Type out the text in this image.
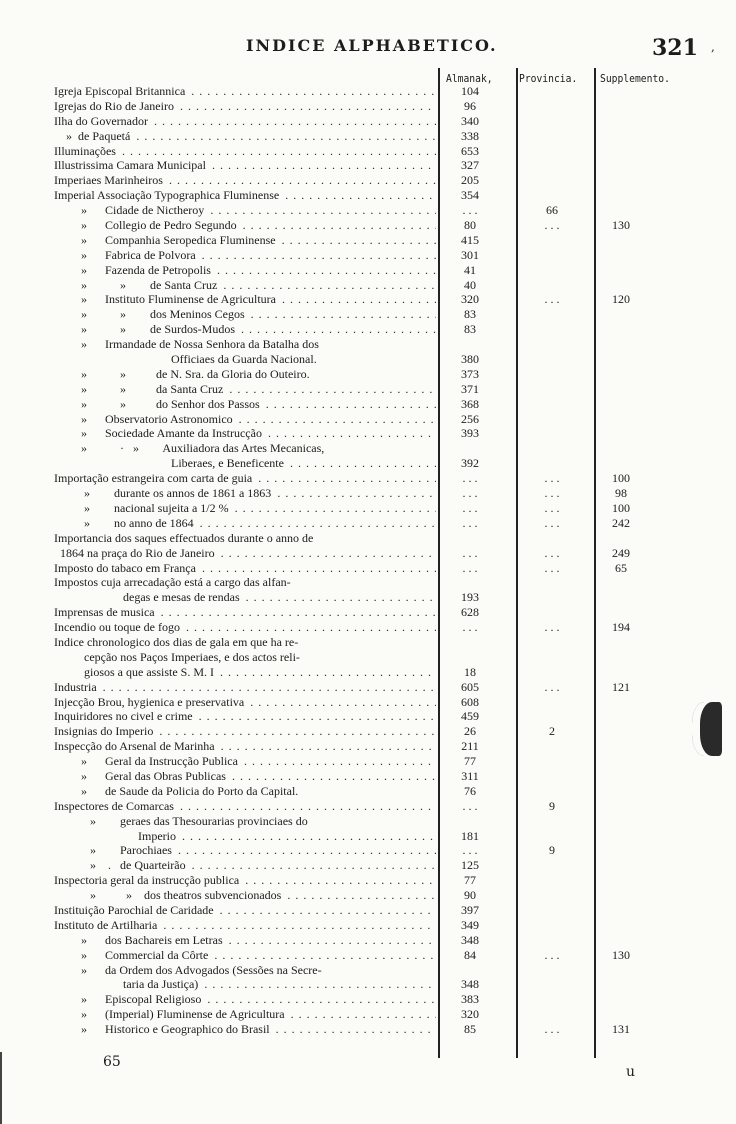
INDICE ALPHABETICO.	321 ,
Almanak, Provincia. Supplemento.
Igreja Episcopal Britannica . . .	104
Igrejas do Rio de Janeiro . . .	96
Ilha do Governador . . .	340
»  de Paquetá . . .	338
Illuminações . . .	653
Illustrissima Camara Municipal . . .	327
Imperiaes Marinheiros . . .	205
Imperial Associação Typographica Fluminense . . .	354
»      Cidade de Nictheroy . . .	. . .	66
»      Collegio de Pedro Segundo . . .	80	. . .	130
»      Companhia Seropedica Fluminense . . .	415
»      Fabrica de Polvora . . .	301
»      Fazenda de Petropolis . . .	41
»           »        de Santa Cruz . . .	40
»      Instituto Fluminense de Agricultura . . .	320	. . .	120
»           »        dos Meninos Cegos . . .	83
»           »        de Surdos-Mudos . . .	83
»      Irmandade de Nossa Senhora da Batalha dos
Officiaes da Guarda Nacional.	380
»           »          de N. Sra. da Gloria do Outeiro.	373
»           »          da Santa Cruz . . .	371
»           »          do Senhor dos Passos . . .	368
»      Observatorio Astronomico . . .	256
»      Sociedade Amante da Instrucção . . .	393
»           ·   »        Auxiliadora das Artes Mecanicas,
Liberaes, e Beneficente . . .	392
Importação estrangeira com carta de guia . . .	. . .	. . .	100
»        durante os annos de 1861 a 1863 . . .	. . .	. . .	98
»        nacional sujeita a 1/2 % . . .	. . .	. . .	100
»        no anno de 1864 . . .	. . .	. . .	242
Importancia dos saques effectuados durante o anno de
1864 na praça do Rio de Janeiro . . .	. . .	. . .	249
Imposto do tabaco em França . . .	. . .	. . .	65
Impostos cuja arrecadação está a cargo das alfan-
degas e mesas de rendas . . .	193
Imprensas de musica . . .	628
Incendio ou toque de fogo . . .	. . .	. . .	194
Indice chronologico dos dias de gala em que ha re-
cepção nos Paços Imperiaes, e dos actos reli-
giosos a que assiste S. M. I . . .	18
Industria . . .	605	. . .	121
Injecção Brou, hygienica e preservativa . . .	608
Inquiridores no civel e crime . . .	459
Insignias do Imperio . . .	26	2
Inspecção do Arsenal de Marinha . . .	211
»      Geral da Instrucção Publica . . .	77
»      Geral das Obras Publicas . . .	311
»      de Saude da Policia do Porto da Capital.	76
Inspectores de Comarcas . . .	. . .	9
»        geraes das Thesourarias provinciaes do
Imperio . . .	181
»        Parochiaes . . .	. . .	9
»    .   de Quarteirão . . .	125
Inspectoria geral da instrucção publica . . .	77
»          »    dos theatros subvencionados . . .	90
Instituição Parochial de Caridade . . .	397
Instituto de Artilharia . . .	349
»      dos Bachareis em Letras . . .	348
»      Commercial da Côrte . . .	84	. . .	130
»      da Ordem dos Advogados (Sessões na Secre-
taria da Justiça) . . .	348
»      Episcopal Religioso . . .	383
»      (Imperial) Fluminense de Agricultura . . .	320
»      Historico e Geographico do Brasil . . .	85	. . .	131
65
u
